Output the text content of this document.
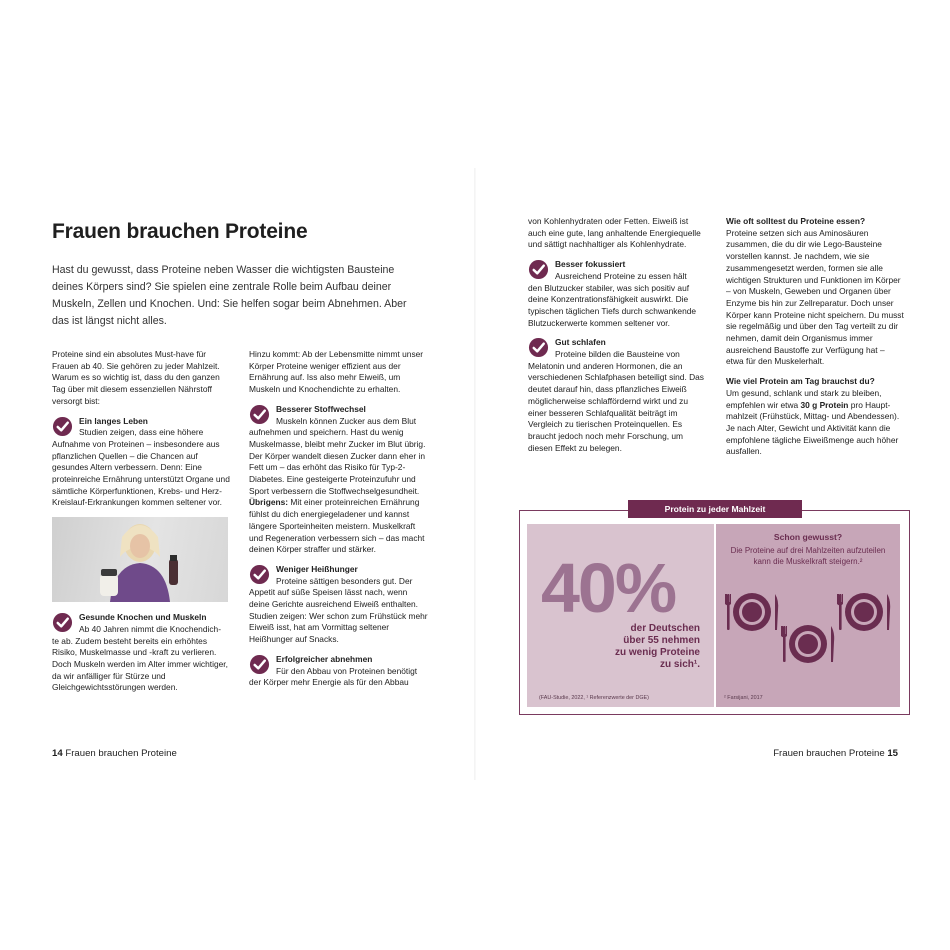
Frauen brauchen Proteine

Hast du gewusst, dass Proteine neben Wasser die wichtigsten Bausteine deines Körpers sind? Sie spielen eine zentrale Rolle beim Aufbau deiner Muskeln, Zellen und Knochen. Und: Sie helfen sogar beim Abnehmen. Aber das ist längst nicht alles.

Proteine sind ein absolutes Must-have für Frauen ab 40. Sie gehören zu jeder Mahlzeit. Warum es so wichtig ist, dass du den ganzen Tag über mit diesem essenziellen Nährstoff versorgt bist:

Ein langes Leben
Studien zeigen, dass eine höhere
Aufnahme von Proteinen – insbesondere aus pflanzlichen Quellen – die Chancen auf gesundes Altern verbessern. Denn: Eine proteinreiche Ernährung unterstützt Organe und sämtliche Körperfunktionen, Krebs- und Herz-Kreislauf-Erkrankungen kommen seltener vor.
Gesunde Knochen und Muskeln
Ab 40 Jahren nimmt die Knochendich-
te ab. Zudem besteht bereits ein erhöhtes Risiko, Muskelmasse und -kraft zu verlieren. Doch Muskeln werden im Alter immer wichtiger, da wir anfälliger für Stürze und Gleichgewichtsstörungen werden.

Hinzu kommt: Ab der Lebensmitte nimmt unser Körper Proteine weniger effizient aus der Ernährung auf. Iss also mehr Eiweiß, um Muskeln und Knochendichte zu erhalten.

Besserer Stoffwechsel
Muskeln können Zucker aus dem Blut
aufnehmen und speichern. Hast du wenig Muskelmasse, bleibt mehr Zucker im Blut übrig. Der Körper wandelt diesen Zucker dann eher in Fett um – das erhöht das Risiko für Typ-2-Diabetes. Eine gesteigerte Proteinzufuhr und Sport verbessern die Stoffwechselgesundheit.
Übrigens: Mit einer proteinreichen Ernährung fühlst du dich energiegeladener und kannst längere Sporteinheiten meistern. Muskelkraft und Regeneration verbessern sich – das macht deinen Körper straffer und stärker.
Weniger Heißhunger
Proteine sättigen besonders gut. Der
Appetit auf süße Speisen lässt nach, wenn deine Gerichte ausreichend Eiweiß enthalten. Studien zeigen: Wer schon zum Frühstück mehr Eiweiß isst, hat am Vormittag seltener Heißhunger auf Snacks.
Erfolgreicher abnehmen
Für den Abbau von Proteinen benötigt
der Körper mehr Energie als für den Abbau
14 Frauen brauchen Proteine

von Kohlenhydraten oder Fetten. Eiweiß ist auch eine gute, lang anhaltende Energiequelle und sättigt nachhaltiger als Kohlenhydrate.

Besser fokussiert
Ausreichend Proteine zu essen hält
den Blutzucker stabiler, was sich positiv auf deine Konzentrationsfähigkeit auswirkt. Die typischen täglichen Tiefs durch schwankende Blutzuckerwerte kommen seltener vor.
Gut schlafen
Proteine bilden die Bausteine von
Melatonin und anderen Hormonen, die an verschiedenen Schlafphasen beteiligt sind. Das deutet darauf hin, dass pflanzliches Eiweiß möglicherweise schlaffördernd wirkt und zu einer besseren Schlafqualität beiträgt im Vergleich zu tierischen Proteinquellen. Es braucht jedoch noch mehr Forschung, um diesen Effekt zu belegen.

Wie oft solltest du Proteine essen?
Proteine setzen sich aus Aminosäuren zusammen, die du dir wie Lego-Bausteine vorstellen kannst. Je nachdem, wie sie zusammengesetzt werden, formen sie alle wichtigen Strukturen und Funktionen im Körper – von Muskeln, Geweben und Organen über Enzyme bis hin zur Zellreparatur. Doch unser Körper kann Proteine nicht speichern. Du musst sie regelmäßig und über den Tag verteilt zu dir nehmen, damit dein Organismus immer ausreichend Baustoffe zur Verfügung hat – etwa für den Muskelerhalt.

Wie viel Protein am Tag brauchst du?
Um gesund, schlank und stark zu bleiben, empfehlen wir etwa 30 g Protein pro Hauptmahlzeit (Frühstück, Mittag- und Abendessen). Je nach Alter, Gewicht und Aktivität kann die empfohlene tägliche Eiweißmenge auch höher ausfallen.

Protein zu jeder Mahlzeit
40%
der Deutschen
über 55 nehmen
zu wenig Proteine
zu sich¹.
(FAU-Studie, 2022, ¹ Referenzwerte der DGE)
Schon gewusst?
Die Proteine auf drei Mahlzeiten aufzuteilen kann die Muskelkraft steigern.²
² Farsijani, 2017
Frauen brauchen Proteine 15
